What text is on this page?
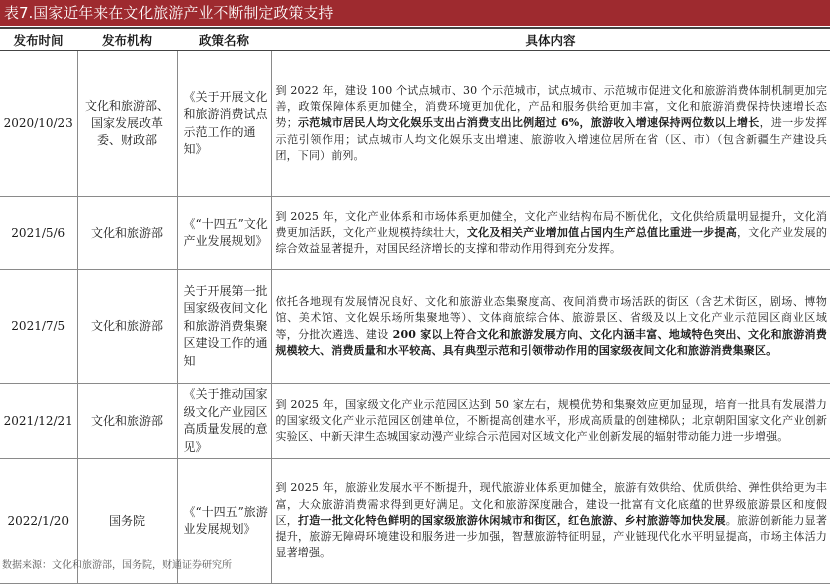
表7.国家近年来在文化旅游产业不断制定政策支持
发布时间	发布机构	政策名称	具体内容
2020/10/23	文化和旅游部、国家发展改革委、财政部	《关于开展文化和旅游消费试点示范工作的通知》	到 2022 年，建设 100 个试点城市、30 个示范城市，试点城市、示范城市促进文化和旅游消费体制机制更加完善，政策保障体系更加健全，消费环境更加优化，产品和服务供给更加丰富，文化和旅游消费保持快速增长态势；示范城市居民人均文化娱乐支出占消费支出比例超过 6%，旅游收入增速保持两位数以上增长，进一步发挥示范引领作用；试点城市人均文化娱乐支出增速、旅游收入增速位居所在省（区、市）（包含新疆生产建设兵团，下同）前列。
2021/5/6	文化和旅游部	《“十四五”文化产业发展规划》	到 2025 年，文化产业体系和市场体系更加健全，文化产业结构布局不断优化，文化供给质量明显提升，文化消费更加活跃，文化产业规模持续壮大，文化及相关产业增加值占国内生产总值比重进一步提高，文化产业发展的综合效益显著提升，对国民经济增长的支撑和带动作用得到充分发挥。
2021/7/5	文化和旅游部	关于开展第一批国家级夜间文化和旅游消费集聚区建设工作的通知	依托各地现有发展情况良好、文化和旅游业态集聚度高、夜间消费市场活跃的街区（含艺术街区，剧场、博物馆、美术馆、文化娱乐场所集聚地等）、文体商旅综合体、旅游景区、省级及以上文化产业示范园区商业区域等，分批次遴选、建设 200 家以上符合文化和旅游发展方向、文化内涵丰富、地域特色突出、文化和旅游消费规模较大、消费质量和水平较高、具有典型示范和引领带动作用的国家级夜间文化和旅游消费集聚区。
2021/12/21	文化和旅游部	《关于推动国家级文化产业园区高质量发展的意见》	到 2025 年，国家级文化产业示范园区达到 50 家左右，规模优势和集聚效应更加显现，培育一批具有发展潜力的国家级文化产业示范园区创建单位，不断提高创建水平，形成高质量的创建梯队；北京朝阳国家文化产业创新实验区、中新天津生态城国家动漫产业综合示范园对区域文化产业创新发展的辐射带动能力进一步增强。
2022/1/20	国务院	《“十四五”旅游业发展规划》	到 2025 年，旅游业发展水平不断提升，现代旅游业体系更加健全，旅游有效供给、优质供给、弹性供给更为丰富，大众旅游消费需求得到更好满足。文化和旅游深度融合，建设一批富有文化底蕴的世界级旅游景区和度假区，打造一批文化特色鲜明的国家级旅游休闲城市和街区，红色旅游、乡村旅游等加快发展。旅游创新能力显著提升，旅游无障碍环境建设和服务进一步加强，智慧旅游特征明显，产业链现代化水平明显提高，市场主体活力显著增强。
数据来源：文化和旅游部，国务院，财通证券研究所
